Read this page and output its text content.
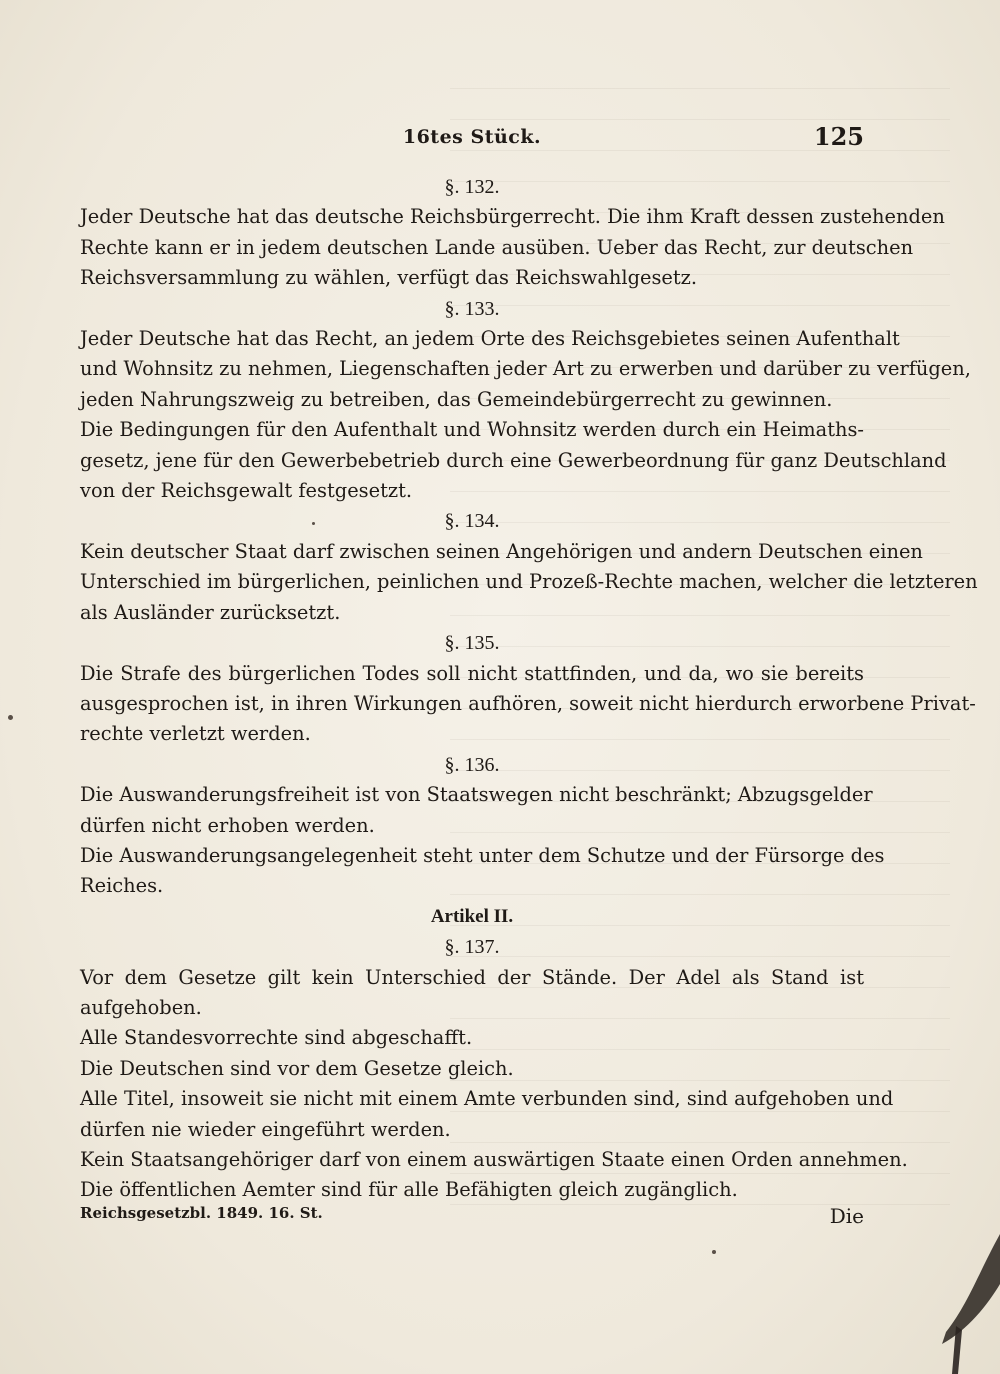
16tes Stück.	125
§. 132.
Jeder Deutsche hat das deutsche Reichsbürgerrecht. Die ihm Kraft dessen zustehenden
Rechte kann er in jedem deutschen Lande ausüben. Ueber das Recht, zur deutschen
Reichsversammlung zu wählen, verfügt das Reichswahlgesetz.
§. 133.
Jeder Deutsche hat das Recht, an jedem Orte des Reichsgebietes seinen Aufenthalt
und Wohnsitz zu nehmen, Liegenschaften jeder Art zu erwerben und darüber zu verfügen,
jeden Nahrungszweig zu betreiben, das Gemeindebürgerrecht zu gewinnen.
Die Bedingungen für den Aufenthalt und Wohnsitz werden durch ein Heimaths-
gesetz, jene für den Gewerbebetrieb durch eine Gewerbeordnung für ganz Deutschland
von der Reichsgewalt festgesetzt.
§. 134.
Kein deutscher Staat darf zwischen seinen Angehörigen und andern Deutschen einen
Unterschied im bürgerlichen, peinlichen und Prozeß-Rechte machen, welcher die letzteren
als Ausländer zurücksetzt.
§. 135.
Die Strafe des bürgerlichen Todes soll nicht stattfinden, und da, wo sie bereits
ausgesprochen ist, in ihren Wirkungen aufhören, soweit nicht hierdurch erworbene Privat-
rechte verletzt werden.
§. 136.
Die Auswanderungsfreiheit ist von Staatswegen nicht beschränkt; Abzugsgelder
dürfen nicht erhoben werden.
Die Auswanderungsangelegenheit steht unter dem Schutze und der Fürsorge des
Reiches.
Artikel II.
§. 137.
Vor dem Gesetze gilt kein Unterschied der Stände. Der Adel als Stand ist
aufgehoben.
Alle Standesvorrechte sind abgeschafft.
Die Deutschen sind vor dem Gesetze gleich.
Alle Titel, insoweit sie nicht mit einem Amte verbunden sind, sind aufgehoben und
dürfen nie wieder eingeführt werden.
Kein Staatsangehöriger darf von einem auswärtigen Staate einen Orden annehmen.
Die öffentlichen Aemter sind für alle Befähigten gleich zugänglich.
Reichsgesetzbl. 1849. 16. St.	Die
